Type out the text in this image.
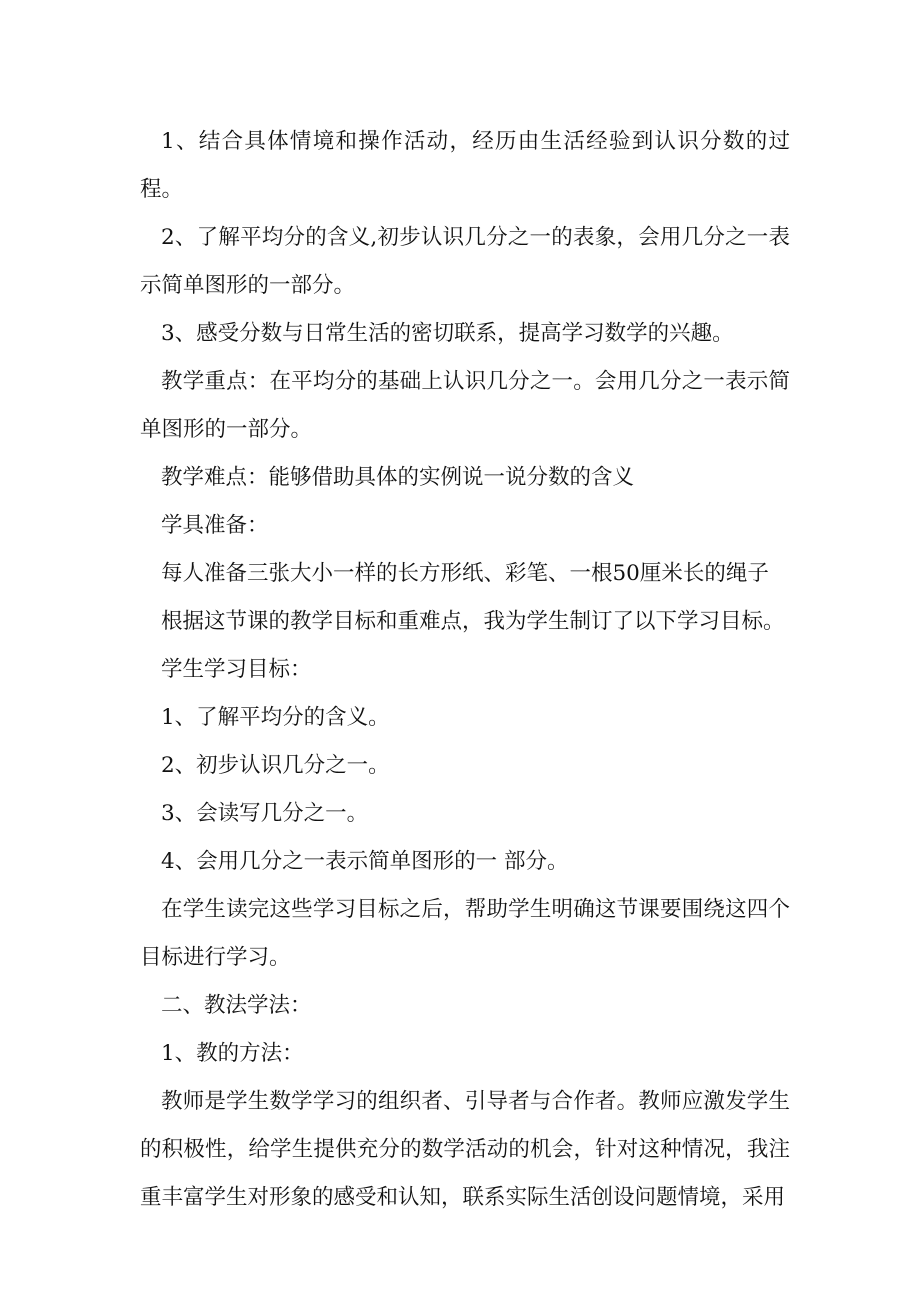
1、结合具体情境和操作活动，经历由生活经验到认识分数的过程。

2、了解平均分的含义,初步认识几分之一的表象，会用几分之一表示简单图形的一部分。

3、感受分数与日常生活的密切联系，提高学习数学的兴趣。

教学重点：在平均分的基础上认识几分之一。会用几分之一表示简单图形的一部分。

教学难点：能够借助具体的实例说一说分数的含义

学具准备：

每人准备三张大小一样的长方形纸、彩笔、一根50厘米长的绳子

根据这节课的教学目标和重难点，我为学生制订了以下学习目标。

学生学习目标：

1、了解平均分的含义。

2、初步认识几分之一。

3、会读写几分之一。

4、会用几分之一表示简单图形的一 部分。

在学生读完这些学习目标之后，帮助学生明确这节课要围绕这四个目标进行学习。

二、教法学法：

1、教的方法：

教师是学生数学学习的组织者、引导者与合作者。教师应激发学生的积极性，给学生提供充分的数学活动的机会，针对这种情况，我注重丰富学生对形象的感受和认知，联系实际生活创设问题情境，采用
